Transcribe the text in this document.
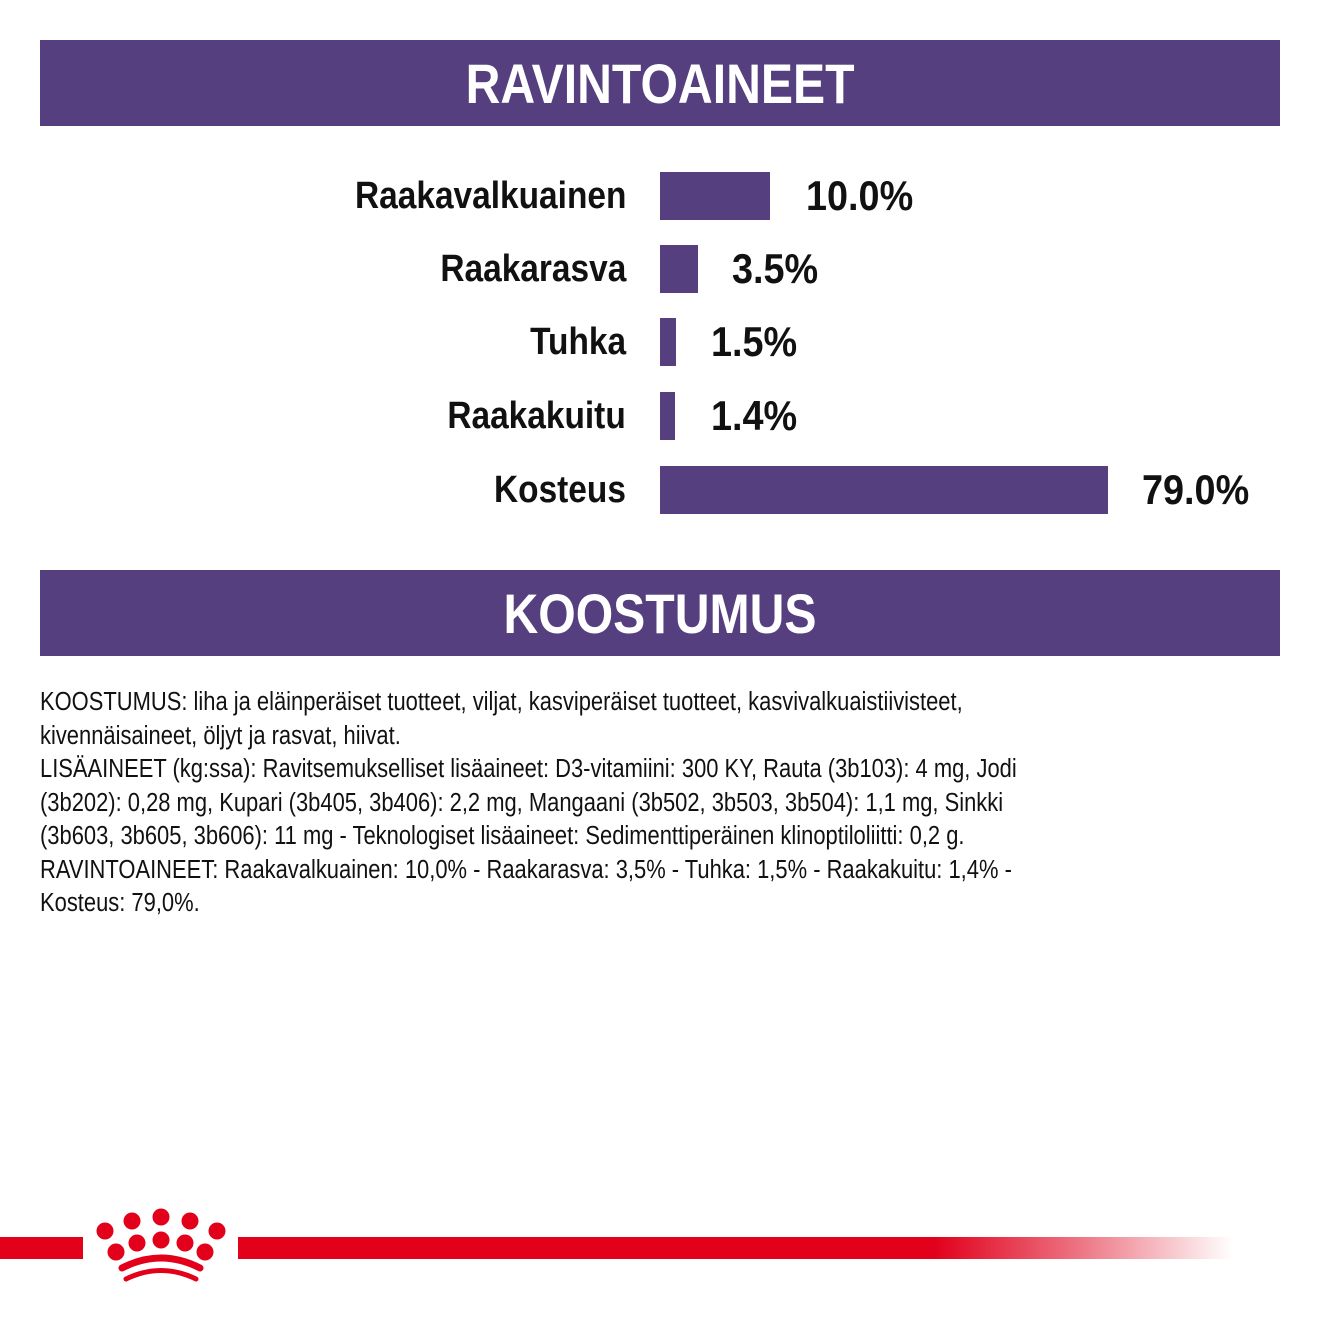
RAVINTOAINEET
Raakavalkuainen	10.0%
Raakarasva	3.5%
Tuhka 1.5%
Raakakuitu 1.4%
Kosteus	79.0%
KOOSTUMUS

KOOSTUMUS: liha ja eläinperäiset tuotteet, viljat, kasviperäiset tuotteet, kasvivalkuaistiivisteet,

kivennäisaineet, öljyt ja rasvat, hiivat.

LISÄAINEET (kg:ssa): Ravitsemukselliset lisäaineet: D3-vitamiini: 300 KY, Rauta (3b103): 4 mg, Jodi

(3b202): 0,28 mg, Kupari (3b405, 3b406): 2,2 mg, Mangaani (3b502, 3b503, 3b504): 1,1 mg, Sinkki

(3b603, 3b605, 3b606): 11 mg - Teknologiset lisäaineet: Sedimenttiperäinen klinoptiloliitti: 0,2 g.

RAVINTOAINEET: Raakavalkuainen: 10,0% - Raakarasva: 3,5% - Tuhka: 1,5% - Raakakuitu: 1,4% -

Kosteus: 79,0%.
